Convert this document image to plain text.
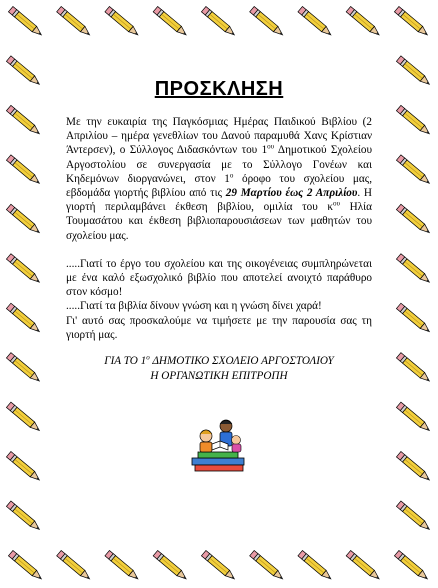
ΠΡΟΣΚΛΗΣΗ

Με την ευκαιρία της Παγκόσμιας Ημέρας Παιδικού Βιβλίου (2 Απριλίου – ημέρα γενεθλίων του Δανού παραμυθά Χανς Κρίστιαν Άντερσεν), ο Σύλλογος Διδασκόντων του $1^{o\upsilon}$ Δημοτικού Σχολείου Αργοστολίου σε συνεργασία με το Σύλλογο Γονέων και Κηδεμόνων διοργανώνει, στον $1^o$ όροφο του σχολείου μας, εβδομάδα γιορτής βιβλίου από τις 29 Μαρτίου έως 2 Απριλίου. Η γιορτή περιλαμβάνει έκθεση βιβλίου, ομιλία του $\kappa^{o\upsilon}$ Ηλία Τουμασάτου και έκθεση βιβλιοπαρουσιάσεων των μαθητών του σχολείου μας.

.....Γιατί το έργο του σχολείου και της οικογένειας συμπληρώνεται με ένα καλό εξωσχολικό βιβλίο που αποτελεί ανοιχτό παράθυρο στον κόσμο!

.....Γιατί τα βιβλία δίνουν γνώση και η γνώση δίνει χαρά!

Γι' αυτό σας προσκαλούμε να τιμήσετε με την παρουσία σας τη γιορτή μας.

ΓΙΑ ΤΟ $1^o$ ΔΗΜΟΤΙΚΟ ΣΧΟΛΕΙΟ ΑΡΓΟΣΤΟΛΙΟΥ
Η ΟΡΓΑΝΩΤΙΚΗ ΕΠΙΤΡΟΠΗ
